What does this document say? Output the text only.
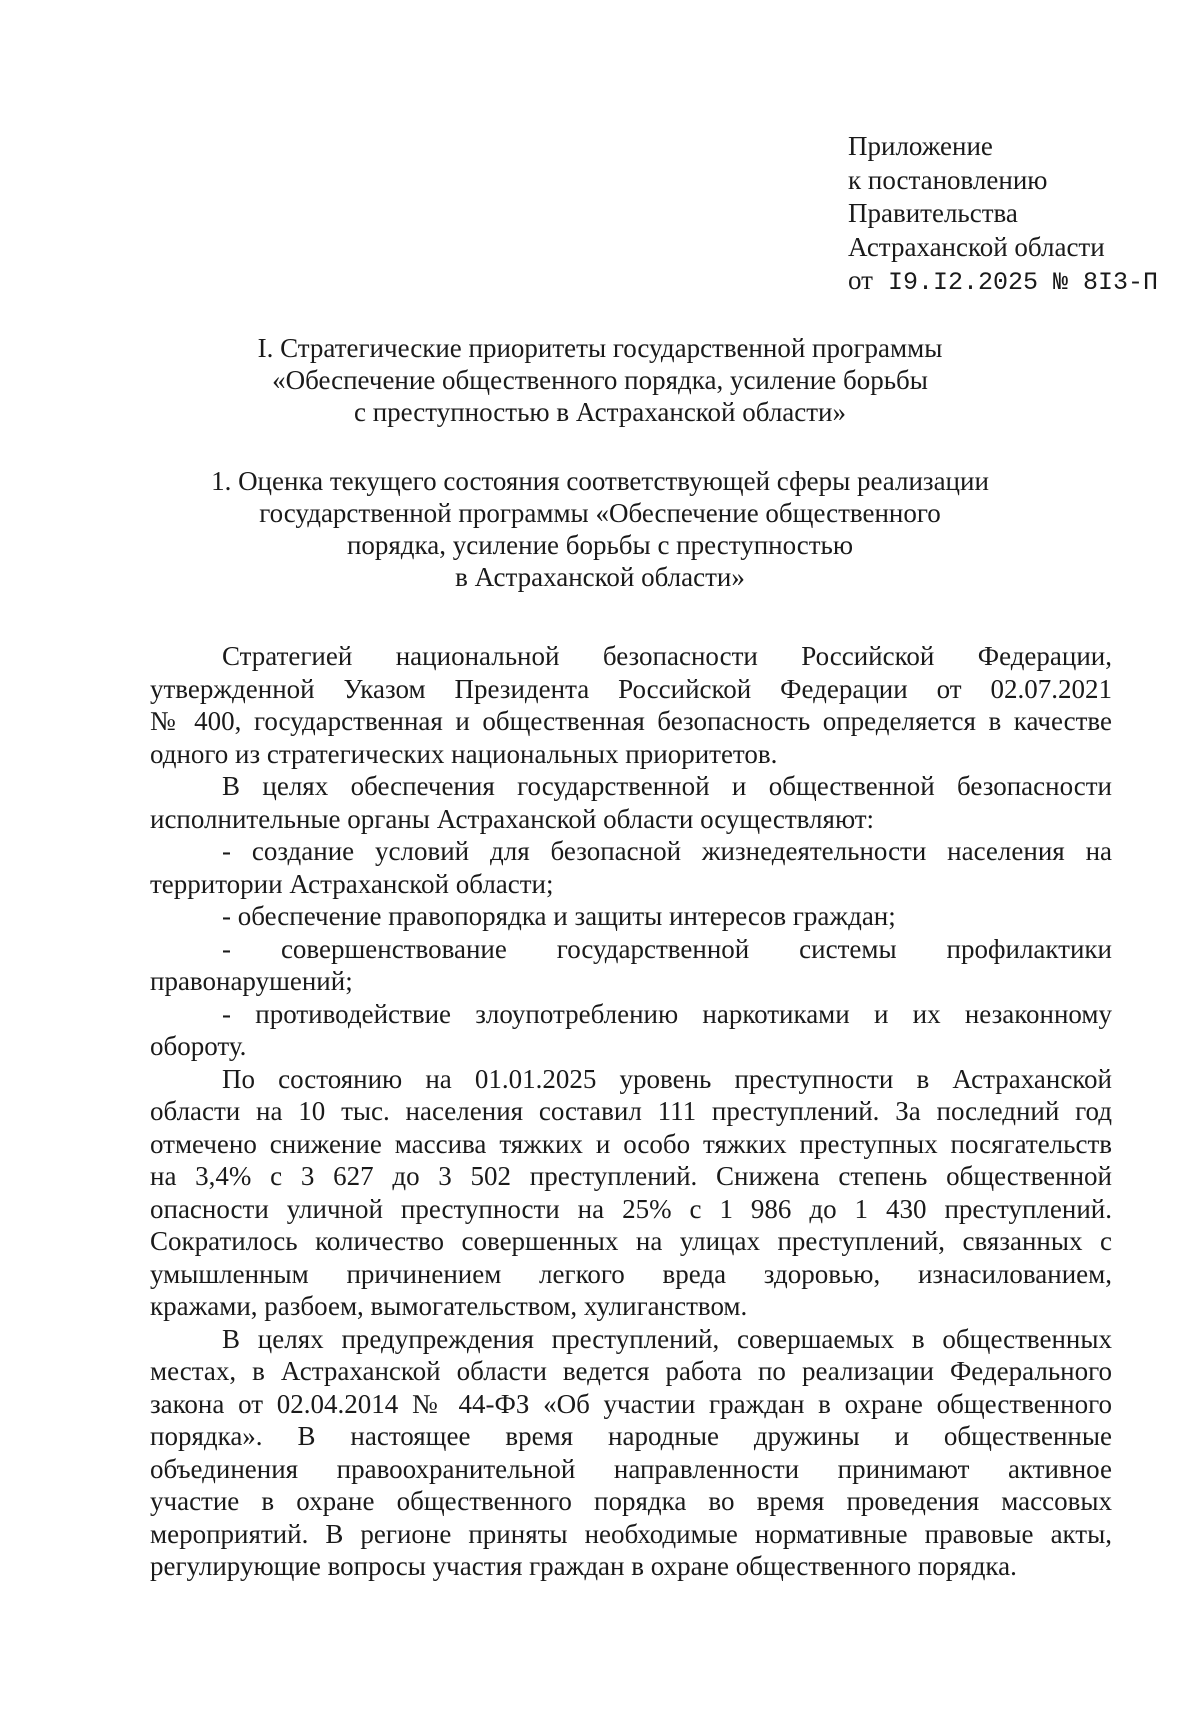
Приложение
к постановлению
Правительства
Астраханской области
от I9.I2.2025 № 8I3-П
I. Стратегические приоритеты государственной программы
«Обеспечение общественного порядка, усиление борьбы
с преступностью в Астраханской области»
1. Оценка текущего состояния соответствующей сферы реализации
государственной программы «Обеспечение общественного
порядка, усиление борьбы с преступностью
в Астраханской области»
Стратегией национальной безопасности Российской Федерации,
утвержденной Указом Президента Российской Федерации от 02.07.2021
№ 400, государственная и общественная безопасность определяется в качестве
одного из стратегических национальных приоритетов.
В целях обеспечения государственной и общественной безопасности
исполнительные органы Астраханской области осуществляют:
- создание условий для безопасной жизнедеятельности населения на
территории Астраханской области;
- обеспечение правопорядка и защиты интересов граждан;
- совершенствование государственной системы профилактики
правонарушений;
- противодействие злоупотреблению наркотиками и их незаконному
обороту.
По состоянию на 01.01.2025 уровень преступности в Астраханской
области на 10 тыс. населения составил 111 преступлений. За последний год
отмечено снижение массива тяжких и особо тяжких преступных посягательств
на 3,4% с 3 627 до 3 502 преступлений. Снижена степень общественной
опасности уличной преступности на 25% с 1 986 до 1 430 преступлений.
Сократилось количество совершенных на улицах преступлений, связанных с
умышленным причинением легкого вреда здоровью, изнасилованием,
кражами, разбоем, вымогательством, хулиганством.
В целях предупреждения преступлений, совершаемых в общественных
местах, в Астраханской области ведется работа по реализации Федерального
закона от 02.04.2014 № 44-ФЗ «Об участии граждан в охране общественного
порядка». В настоящее время народные дружины и общественные
объединения правоохранительной направленности принимают активное
участие в охране общественного порядка во время проведения массовых
мероприятий. В регионе приняты необходимые нормативные правовые акты,
регулирующие вопросы участия граждан в охране общественного порядка.
